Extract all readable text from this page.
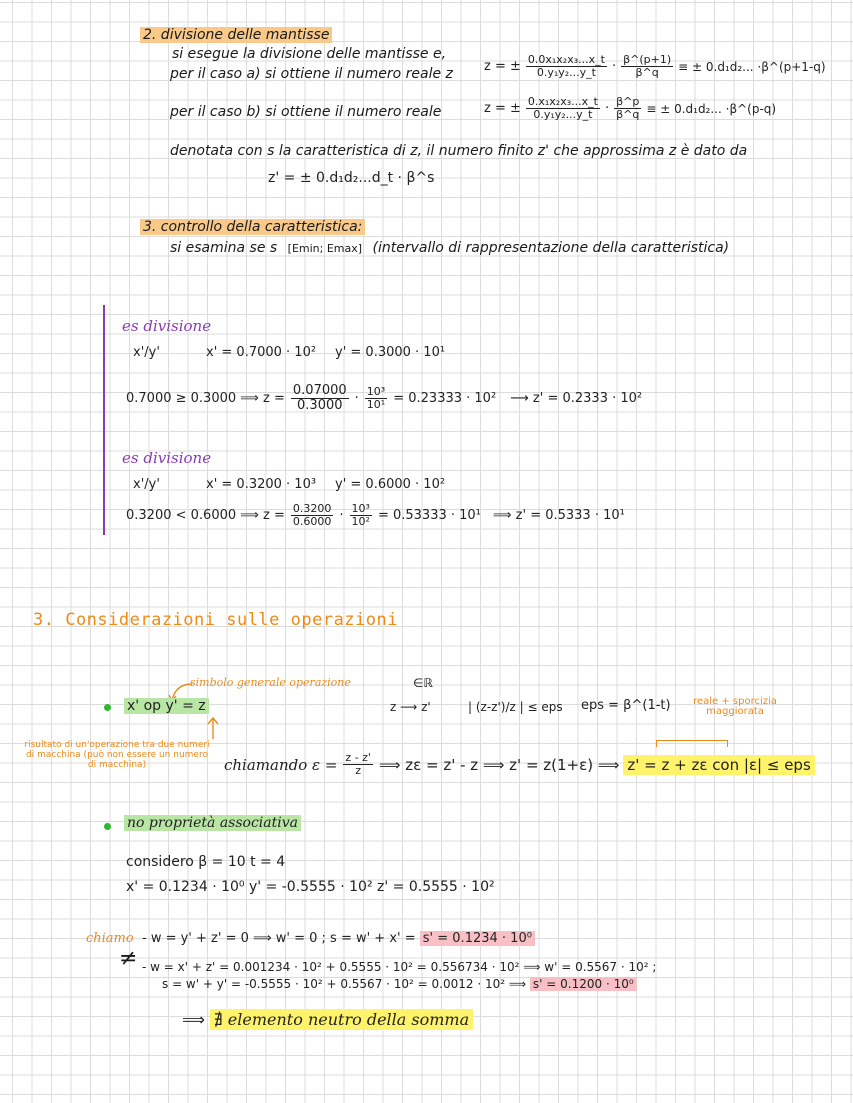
2. divisione delle mantisse
si esegue la divisione delle mantisse e,
per il caso a) si ottiene il numero reale z z = ± $\frac{\text{0.0x₁x₂x₃...x\_t}}{\text{0.y₁y₂...y\_t}} \cdot \frac{\beta\^{}(p+1)}{\beta\^{}q}$ ≡ ± 0.d₁d₂... ·β^(p+1-q)
per il caso b) si ottiene il numero reale	z = ± $\frac{\text{0.x₁x₂x₃...x\_t}}{\text{0.y₁y₂...y\_t}} \cdot \frac{\beta\^{}p}{\beta\^{}q}$ ≡ ± 0.d₁d₂... ·β^(p-q)
denotata con s la caratteristica di z, il numero finito z' che approssima z è dato da
z' = ± 0.d₁d₂...d_t · β^s
3. controllo della caratteristica:
si esamina se s [Emin; Emax] (intervallo di rappresentazione della caratteristica)
es divisione
x'/y'	x' = 0.7000 · 10² y' = 0.3000 · 10¹
0.7000 ≥ 0.3000 ⟹ $z = \frac{0.07000}{0.3000} \cdot \frac{\text{10³}}{\text{10¹}} = 0.23333 \cdot 10^2$ ⟶ z' = 0.2333 · 10²
es divisione
x'/y'	x' = 0.3200 · 10³ y' = 0.6000 · 10²
0.3200 < 0.6000 ⟹ $z = \frac{0.3200}{0.6000} \cdot \frac{\text{10³}}{\text{10²}} = 0.53333 \cdot 10^1$ ⟹ z' = 0.5333 · 10¹
3. Considerazioni sulle operazioni
simbolo generale operazione
x' op y' = z
risultato di un'operazione tra due numeri di macchina (può non essere un numero di macchina)
∈ℝ
z ⟶ z'	| (z-z')/z | ≤ eps eps = β^(1-t)	reale + sporcizia maggiorata
chiamando $\varepsilon = \frac{z - z'}{z}$ ⟹ zε = z' - z ⟹ z' = z(1+ε) ⟹ z' = z + zε con |ε| ≤ eps
no proprietà associativa
considero β = 10 t = 4
x' = 0.1234 · 10⁰ y' = -0.5555 · 10² z' = 0.5555 · 10²
chiamo - w = y' + z' = 0 ⟹ w' = 0 ; s = w' + x' = s' = 0.1234 · 10⁰
≠ - w = x' + z' = 0.001234 · 10² + 0.5555 · 10² = 0.556734 · 10² ⟹ w' = 0.5567 · 10² ;
s = w' + y' = -0.5555 · 10² + 0.5567 · 10² = 0.0012 · 10² ⟹ s' = 0.1200 · 10⁰
⟹ ∄ elemento neutro della somma
